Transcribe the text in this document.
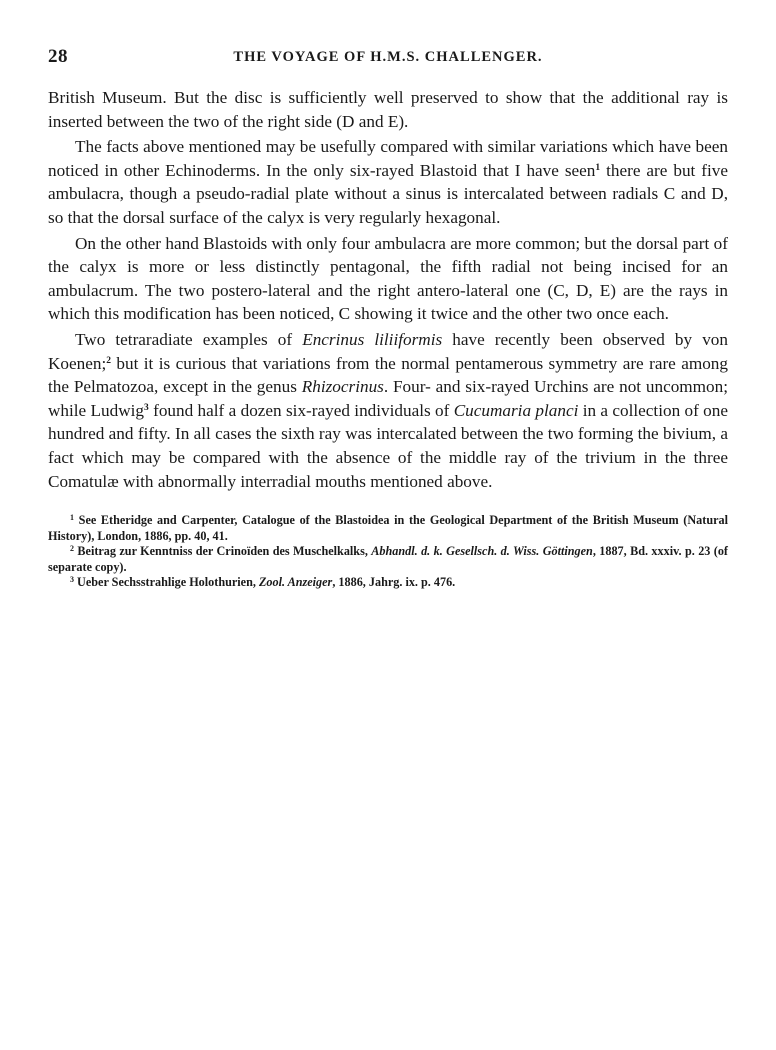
28	THE VOYAGE OF H.M.S. CHALLENGER.

British Museum. But the disc is sufficiently well preserved to show that the additional ray is inserted between the two of the right side (D and E).

The facts above mentioned may be usefully compared with similar variations which have been noticed in other Echinoderms. In the only six-rayed Blastoid that I have seen$^1$ there are but five ambulacra, though a pseudo-radial plate without a sinus is intercalated between radials C and D, so that the dorsal surface of the calyx is very regularly hexagonal.

On the other hand Blastoids with only four ambulacra are more common; but the dorsal part of the calyx is more or less distinctly pentagonal, the fifth radial not being incised for an ambulacrum. The two postero-lateral and the right antero-lateral one (C, D, E) are the rays in which this modification has been noticed, C showing it twice and the other two once each.

Two tetraradiate examples of Encrinus liliiformis have recently been observed by von Koenen;$^2$ but it is curious that variations from the normal pentamerous symmetry are rare among the Pelmatozoa, except in the genus Rhizocrinus. Four- and six-rayed Urchins are not uncommon; while Ludwig$^3$ found half a dozen six-rayed individuals of Cucumaria planci in a collection of one hundred and fifty. In all cases the sixth ray was intercalated between the two forming the bivium, a fact which may be compared with the absence of the middle ray of the trivium in the three Comatulæ with abnormally interradial mouths mentioned above.

$^1$ See Etheridge and Carpenter, Catalogue of the Blastoidea in the Geological Department of the British Museum (Natural History), London, 1886, pp. 40, 41.

$^2$ Beitrag zur Kenntniss der Crinoïden des Muschelkalks, Abhandl. d. k. Gesellsch. d. Wiss. Göttingen, 1887, Bd. xxxiv. p. 23 (of separate copy).

$^3$ Ueber Sechsstrahlige Holothurien, Zool. Anzeiger, 1886, Jahrg. ix. p. 476.
